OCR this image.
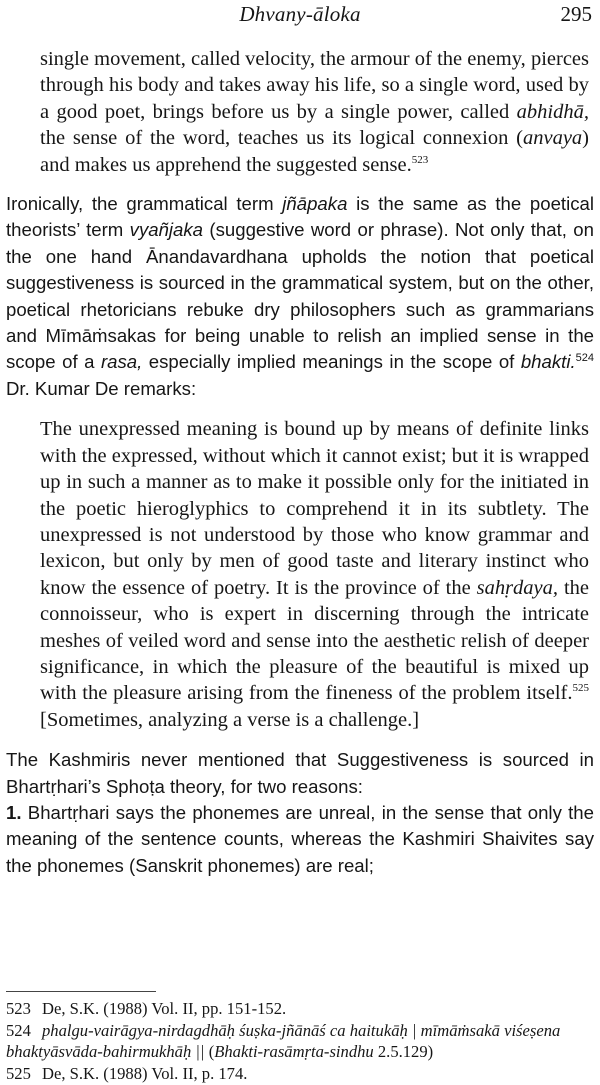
Dhvany-āloka	295

single movement, called velocity, the armour of the enemy, pierces through his body and takes away his life, so a single word, used by a good poet, brings before us by a single power, called abhidhā, the sense of the word, teaches us its logical connexion (anvaya) and makes us apprehend the suggested sense.$^{523}$

Ironically, the grammatical term jñāpaka is the same as the poetical theorists’ term vyañjaka (suggestive word or phrase). Not only that, on the one hand Ānandavardhana upholds the notion that poetical suggestiveness is sourced in the grammatical system, but on the other, poetical rhetoricians rebuke dry philosophers such as grammarians and Mīmāṁsakas for being unable to relish an implied sense in the scope of a rasa, especially implied meanings in the scope of bhakti.$^{524}$ Dr. Kumar De remarks:

The unexpressed meaning is bound up by means of definite links with the expressed, without which it cannot exist; but it is wrapped up in such a manner as to make it possible only for the initiated in the poetic hieroglyphics to comprehend it in its subtlety. The unexpressed is not understood by those who know grammar and lexicon, but only by men of good taste and literary instinct who know the essence of poetry. It is the province of the sahṛdaya, the connoisseur, who is expert in discerning through the intricate meshes of veiled word and sense into the aesthetic relish of deeper significance, in which the pleasure of the beautiful is mixed up with the pleasure arising from the fineness of the problem itself.$^{525}$ [Sometimes, analyzing a verse is a challenge.]

The Kashmiris never mentioned that Suggestiveness is sourced in Bhartṛhari’s Sphoṭa theory, for two reasons:

1. Bhartṛhari says the phonemes are unreal, in the sense that only the meaning of the sentence counts, whereas the Kashmiri Shaivites say the phonemes (Sanskrit phonemes) are real;

523 De, S.K. (1988) Vol. II, pp. 151-152.

524 phalgu-vairāgya-nirdagdhāḥ śuṣka-jñānāś ca haitukāḥ | mīmāṁsakā viśeṣena bhaktyāsvāda-bahirmukhāḥ || (Bhakti-rasāmṛta-sindhu 2.5.129)

525 De, S.K. (1988) Vol. II, p. 174.
